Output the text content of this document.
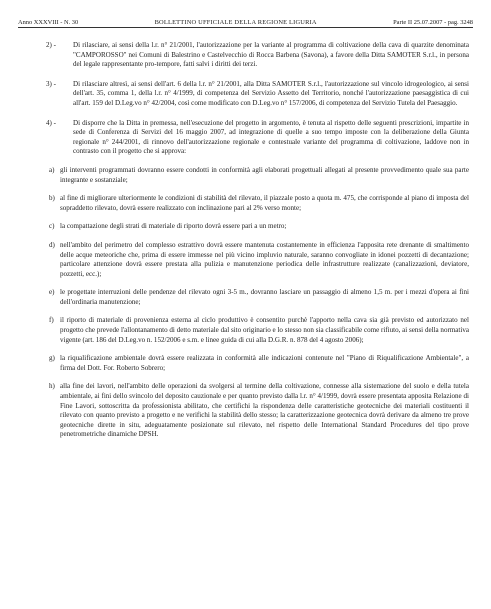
Anno XXXVIII - N. 30	BOLLETTINO UFFICIALE DELLA REGIONE LIGURIA	Parte II 25.07.2007 - pag. 3248
2) - Di rilasciare, ai sensi della l.r. n° 21/2001, l'autorizzazione per la variante al programma di coltivazione della cava di quarzite denominata "CAMPOROSSO" nei Comuni di Balestrino e Castelvecchio di Rocca Barbena (Savona), a favore della Ditta SAMOTER S.r.l., in persona del legale rappresentante pro-tempore, fatti salvi i diritti dei terzi.

3) - Di rilasciare altresì, ai sensi dell'art. 6 della l.r. n° 21/2001, alla Ditta SAMOTER S.r.l., l'autorizzazione sul vincolo idrogeologico, ai sensi dell'art. 35, comma 1, della l.r. n° 4/1999, di competenza del Servizio Assetto del Territorio, nonché l'autorizzazione paesaggistica di cui all'art. 159 del D.Leg.vo n° 42/2004, così come modificato con D.Leg.vo n° 157/2006, di competenza del Servizio Tutela del Paesaggio.

4) - Di disporre che la Ditta in premessa, nell'esecuzione del progetto in argomento, è tenuta al rispetto delle seguenti prescrizioni, impartite in sede di Conferenza di Servizi del 16 maggio 2007, ad integrazione di quelle a suo tempo imposte con la deliberazione della Giunta regionale n° 244/2001, di rinnovo dell'autorizzazione regionale e contestuale variante del programma di coltivazione, laddove non in contrasto con il progetto che si approva:

a) gli interventi programmati dovranno essere condotti in conformità agli elaborati progettuali allegati al presente provvedimento quale sua parte integrante e sostanziale;

b) al fine di migliorare ulteriormente le condizioni di stabilità del rilevato, il piazzale posto a quota m. 475, che corrisponde al piano di imposta del sopraddetto rilevato, dovrà essere realizzato con inclinazione pari al 2% verso monte;

c) la compattazione degli strati di materiale di riporto dovrà essere pari a un metro;

d) nell'ambito del perimetro del complesso estrattivo dovrà essere mantenuta costantemente in efficienza l'apposita rete drenante di smaltimento delle acque meteoriche che, prima di essere immesse nel più vicino impluvio naturale, saranno convogliate in idonei pozzetti di decantazione; particolare attenzione dovrà essere prestata alla pulizia e manutenzione periodica delle infrastrutture realizzate (canalizzazioni, deviatore, pozzetti, ecc.);

e) le progettate interruzioni delle pendenze del rilevato ogni 3-5 m., dovranno lasciare un passaggio di almeno 1,5 m. per i mezzi d'opera ai fini dell'ordinaria manutenzione;

f) il riporto di materiale di provenienza esterna al ciclo produttivo è consentito purchè l'apporto nella cava sia già previsto ed autorizzato nel progetto che prevede l'allontanamento di detto materiale dal sito originario e lo stesso non sia classificabile come rifiuto, ai sensi della normativa vigente (art. 186 del D.Leg.vo n. 152/2006 e s.m. e linee guida di cui alla D.G.R. n. 878 del 4 agosto 2006);

g) la riqualificazione ambientale dovrà essere realizzata in conformità alle indicazioni contenute nel "Piano di Riqualificazione Ambientale", a firma del Dott. For. Roberto Sobrero;

h) alla fine dei lavori, nell'ambito delle operazioni da svolgersi al termine della coltivazione, connesse alla sistemazione del suolo e della tutela ambientale, ai fini dello svincolo del deposito cauzionale e per quanto previsto dalla l.r. n° 4/1999, dovrà essere presentata apposita Relazione di Fine Lavori, sottoscritta da professionista abilitato, che certifichi la rispondenza delle caratteristiche geotecniche dei materiali costituenti il rilevato con quanto previsto a progetto e ne verifichi la stabilità dello stesso; la caratterizzazione geotecnica dovrà derivare da almeno tre prove geotecniche dirette in situ, adeguatamente posizionate sul rilevato, nel rispetto delle International Standard Procedures del tipo prove penetrometriche dinamiche DPSH.
